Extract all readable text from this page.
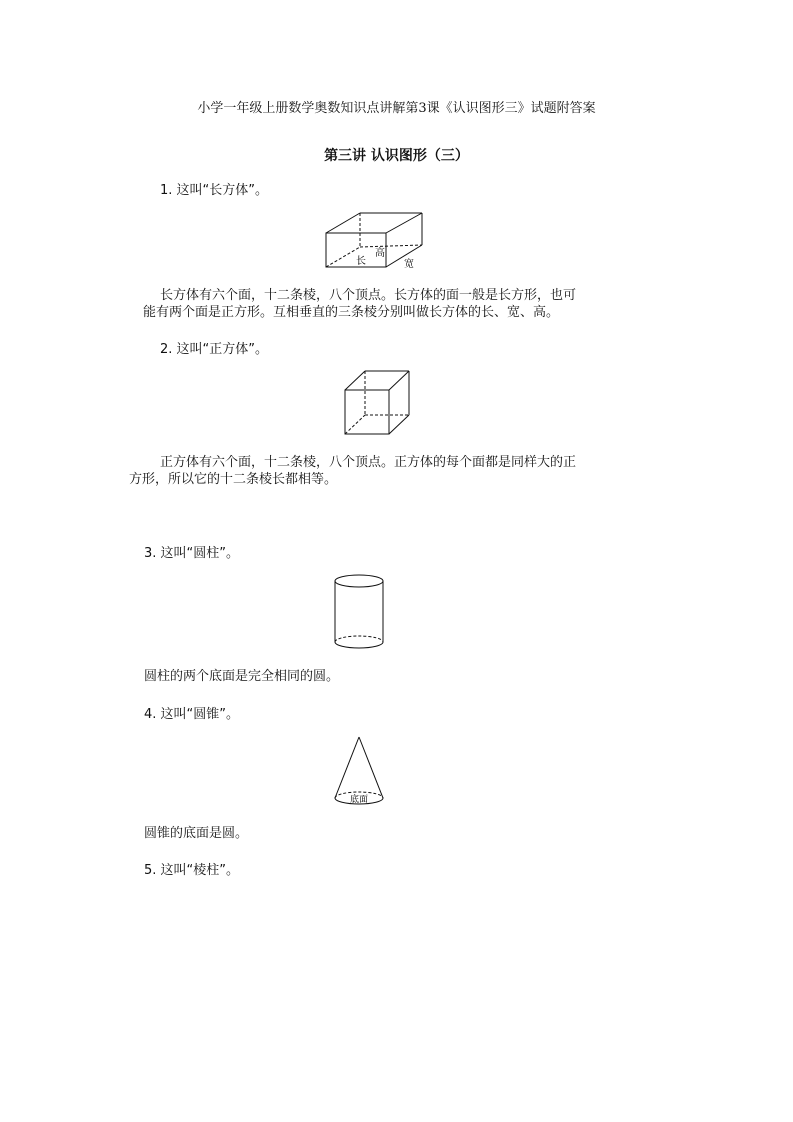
小学一年级上册数学奥数知识点讲解第3课《认识图形三》试题附答案
第三讲 认识图形（三）
1. 这叫“长方体”。
长
高
宽
长方体有六个面，十二条棱，八个顶点。长方体的面一般是长方形，也可
能有两个面是正方形。互相垂直的三条棱分别叫做长方体的长、宽、高。
2. 这叫“正方体”。
正方体有六个面，十二条棱，八个顶点。正方体的每个面都是同样大的正
方形，所以它的十二条棱长都相等。
3. 这叫“圆柱”。
圆柱的两个底面是完全相同的圆。
4. 这叫“圆锥”。
底面
圆锥的底面是圆。
5. 这叫“棱柱”。
